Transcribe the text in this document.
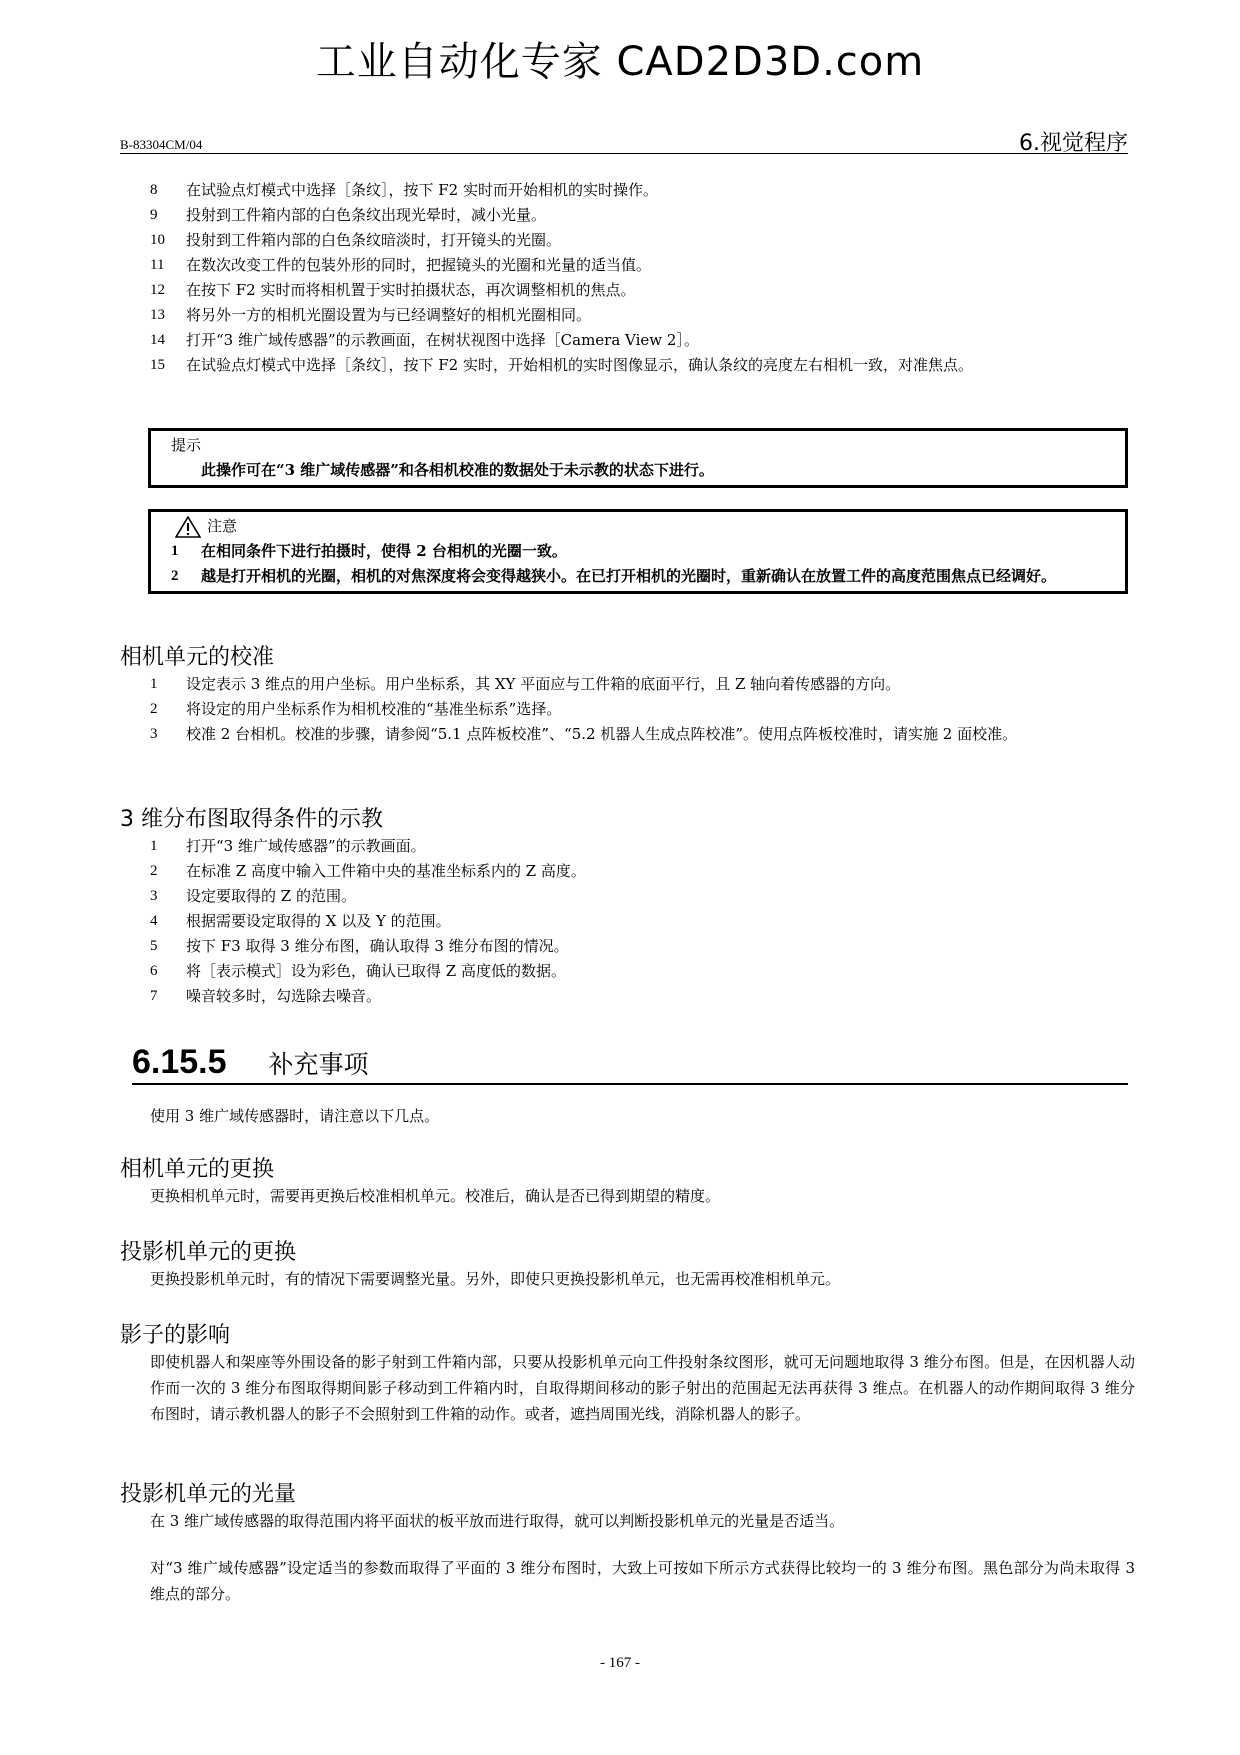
工业自动化专家 CAD2D3D.com
B-83304CM/04	6.视觉程序
8	在试验点灯模式中选择［条纹］，按下 F2 实时而开始相机的实时操作。
9	投射到工件箱内部的白色条纹出现光晕时，减小光量。
10	投射到工件箱内部的白色条纹暗淡时，打开镜头的光圈。
11	在数次改变工件的包装外形的同时，把握镜头的光圈和光量的适当值。
12	在按下 F2 实时而将相机置于实时拍摄状态，再次调整相机的焦点。
13	将另外一方的相机光圈设置为与已经调整好的相机光圈相同。
14	打开“3 维广域传感器”的示教画面，在树状视图中选择［Camera View 2］。
15	在试验点灯模式中选择［条纹］，按下 F2 实时，开始相机的实时图像显示，确认条纹的亮度左右相机一致，对准焦点。
提示
此操作可在“3 维广域传感器”和各相机校准的数据处于未示教的状态下进行。
注意
1	在相同条件下进行拍摄时，使得 2 台相机的光圈一致。
2	越是打开相机的光圈，相机的对焦深度将会变得越狭小。在已打开相机的光圈时，重新确认在放置工件的高度范围焦点已经调好。
相机单元的校准
1	设定表示 3 维点的用户坐标。用户坐标系，其 XY 平面应与工件箱的底面平行，且 Z 轴向着传感器的方向。
2	将设定的用户坐标系作为相机校准的“基准坐标系”选择。
3	校准 2 台相机。校准的步骤，请参阅“5.1 点阵板校准”、“5.2 机器人生成点阵校准”。使用点阵板校准时，请实施 2 面校准。
3 维分布图取得条件的示教
1	打开“3 维广域传感器”的示教画面。
2	在标准 Z 高度中输入工件箱中央的基准坐标系内的 Z 高度。
3	设定要取得的 Z 的范围。
4	根据需要设定取得的 X 以及 Y 的范围。
5	按下 F3 取得 3 维分布图，确认取得 3 维分布图的情况。
6	将［表示模式］设为彩色，确认已取得 Z 高度低的数据。
7	噪音较多时，勾选除去噪音。
6.15.5 补充事项
使用 3 维广域传感器时，请注意以下几点。
相机单元的更换
更换相机单元时，需要再更换后校准相机单元。校准后，确认是否已得到期望的精度。
投影机单元的更换
更换投影机单元时，有的情况下需要调整光量。另外，即使只更换投影机单元，也无需再校准相机单元。
影子的影响
即使机器人和架座等外围设备的影子射到工件箱内部，只要从投影机单元向工件投射条纹图形，就可无问题地取得 3 维分布图。但是，在因机器人动作而一次的 3 维分布图取得期间影子移动到工件箱内时，自取得期间移动的影子射出的范围起无法再获得 3 维点。在机器人的动作期间取得 3 维分布图时，请示教机器人的影子不会照射到工件箱的动作。或者，遮挡周围光线，消除机器人的影子。
投影机单元的光量
在 3 维广域传感器的取得范围内将平面状的板平放而进行取得，就可以判断投影机单元的光量是否适当。
对“3 维广域传感器”设定适当的参数而取得了平面的 3 维分布图时，大致上可按如下所示方式获得比较均一的 3 维分布图。黑色部分为尚未取得 3 维点的部分。
- 167 -
